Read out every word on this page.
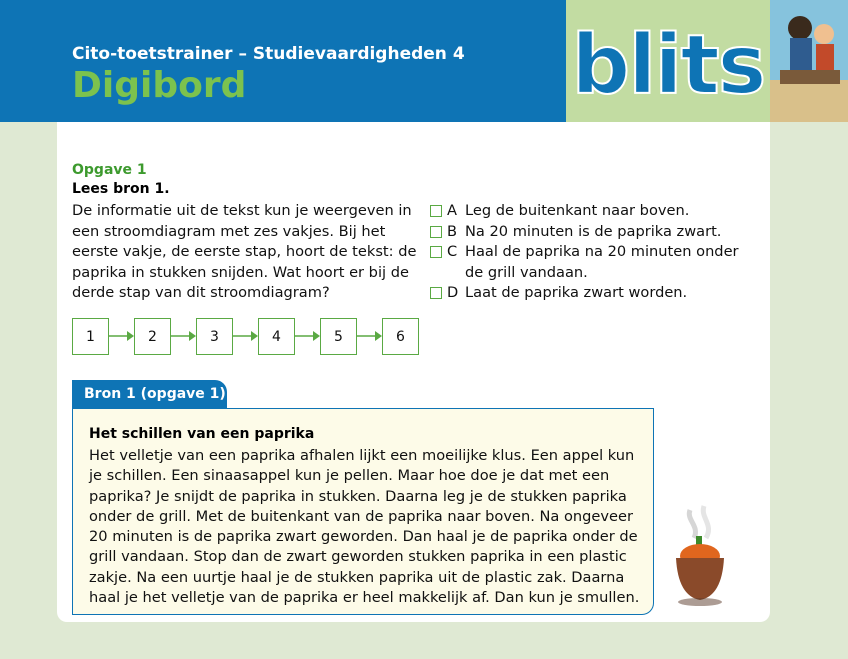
Cito-toetstrainer – Studievaardigheden 4
Digibord	blits
Opgave 1
Lees bron 1.
De informatie uit de tekst kun je weergeven in een stroomdiagram met zes vakjes. Bij het eerste vakje, de eerste stap, hoort de tekst: de paprika in stukken snijden. Wat hoort er bij de derde stap van dit stroomdiagram?
A Leg de buitenkant naar boven.
B Na 20 minuten is de paprika zwart.
C Haal de paprika na 20 minuten onder de grill vandaan.
D Laat de paprika zwart worden.
1	2	3	4	5	6
Bron 1 (opgave 1)
Het schillen van een paprika
Het velletje van een paprika afhalen lijkt een moeilijke klus. Een appel kun je schillen. Een sinaasappel kun je pellen. Maar hoe doe je dat met een paprika? Je snijdt de paprika in stukken. Daarna leg je de stukken paprika onder de grill. Met de buitenkant van de paprika naar boven. Na ongeveer 20 minuten is de paprika zwart geworden. Dan haal je de paprika onder de grill vandaan. Stop dan de zwart geworden stukken paprika in een plastic zakje. Na een uurtje haal je de stukken paprika uit de plastic zak. Daarna haal je het velletje van de paprika er heel makkelijk af. Dan kun je smullen.
